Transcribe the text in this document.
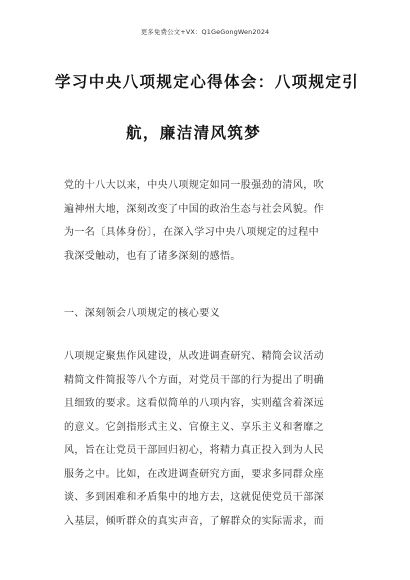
更多免费公文+VX：Q1GeGongWen2024
学习中央八项规定心得体会：八项规定引
航，廉洁清风筑梦
党的十八大以来，中央八项规定如同一股强劲的清风，吹
遍神州大地，深刻改变了中国的政治生态与社会风貌。作
为一名〔具体身份〕，在深入学习中央八项规定的过程中
我深受触动，也有了诸多深刻的感悟。
一、深刻领会八项规定的核心要义
八项规定聚焦作风建设，从改进调查研究、精简会议活动
精简文件简报等八个方面，对党员干部的行为提出了明确
且细致的要求。这看似简单的八项内容，实则蕴含着深远
的意义。它剑指形式主义、官僚主义、享乐主义和奢靡之
风，旨在让党员干部回归初心，将精力真正投入到为人民
服务之中。比如，在改进调查研究方面，要求多同群众座
谈、多到困难和矛盾集中的地方去，这就促使党员干部深
入基层，倾听群众的真实声音，了解群众的实际需求，而
